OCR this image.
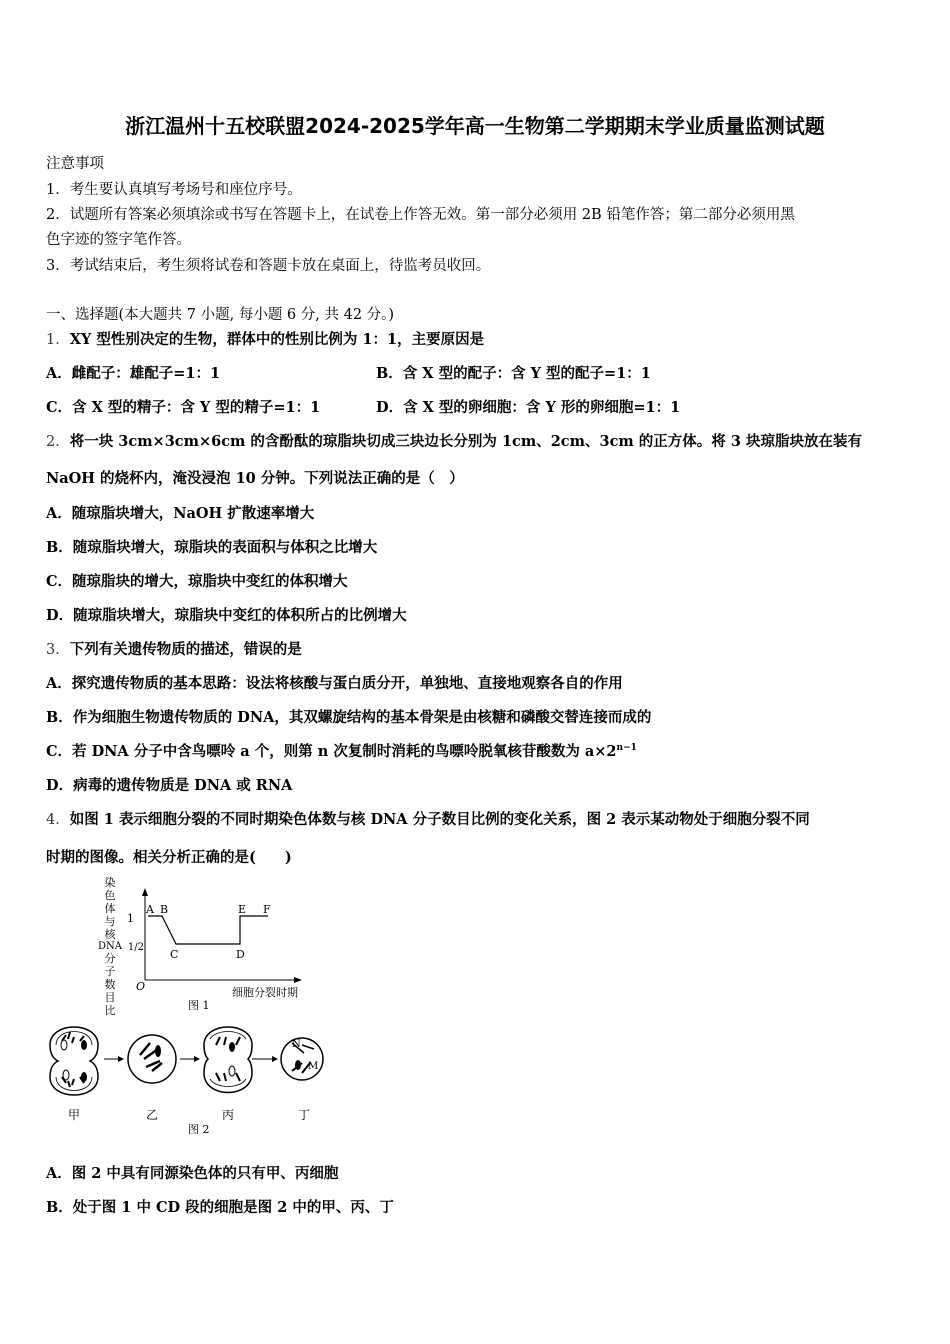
浙江温州十五校联盟2024-2025学年高一生物第二学期期末学业质量监测试题
注意事项
1．考生要认真填写考场号和座位序号。
2．试题所有答案必须填涂或书写在答题卡上，在试卷上作答无效。第一部分必须用 2B 铅笔作答；第二部分必须用黑
色字迹的签字笔作答。
3．考试结束后，考生须将试卷和答题卡放在桌面上，待监考员收回。
一、选择题(本大题共 7 小题, 每小题 6 分, 共 42 分。)
1．XY 型性别决定的生物，群体中的性别比例为 1：1，主要原因是
A．雌配子：雄配子=1：1	B．含 X 型的配子：含 Y 型的配子=1：1
C．含 X 型的精子：含 Y 型的精子=1：1	D．含 X 型的卵细胞：含 Y 形的卵细胞=1：1
2．将一块 3cm×3cm×6cm 的含酚酞的琼脂块切成三块边长分别为 1cm、2cm、3cm 的正方体。将 3 块琼脂块放在装有
NaOH 的烧杯内，淹没浸泡 10 分钟。下列说法正确的是（　）
A．随琼脂块增大，NaOH 扩散速率增大
B．随琼脂块增大，琼脂块的表面积与体积之比增大
C．随琼脂块的增大，琼脂块中变红的体积增大
D．随琼脂块增大，琼脂块中变红的体积所占的比例增大
3．下列有关遗传物质的描述，错误的是
A．探究遗传物质的基本思路：设法将核酸与蛋白质分开，单独地、直接地观察各自的作用
B．作为细胞生物遗传物质的 DNA，其双螺旋结构的基本骨架是由核糖和磷酸交替连接而成的
C．若 DNA 分子中含鸟嘌呤 a 个，则第 n 次复制时消耗的鸟嘌呤脱氧核苷酸数为 $a\times 2^{n-1}$
D．病毒的遗传物质是 DNA 或 RNA
4．如图 1 表示细胞分裂的不同时期染色体数与核 DNA 分子数目比例的变化关系，图 2 表示某动物处于细胞分裂不同
时期的图像。相关分析正确的是(　　)
染
色
体
与
核
DNA
分
子
数
目
比
1
1/2
O
A B
C	D
E F
细胞分裂时期
图 1
N
M
甲	乙	丙	丁
图 2
A．图 2 中具有同源染色体的只有甲、丙细胞
B．处于图 1 中 CD 段的细胞是图 2 中的甲、丙、丁
